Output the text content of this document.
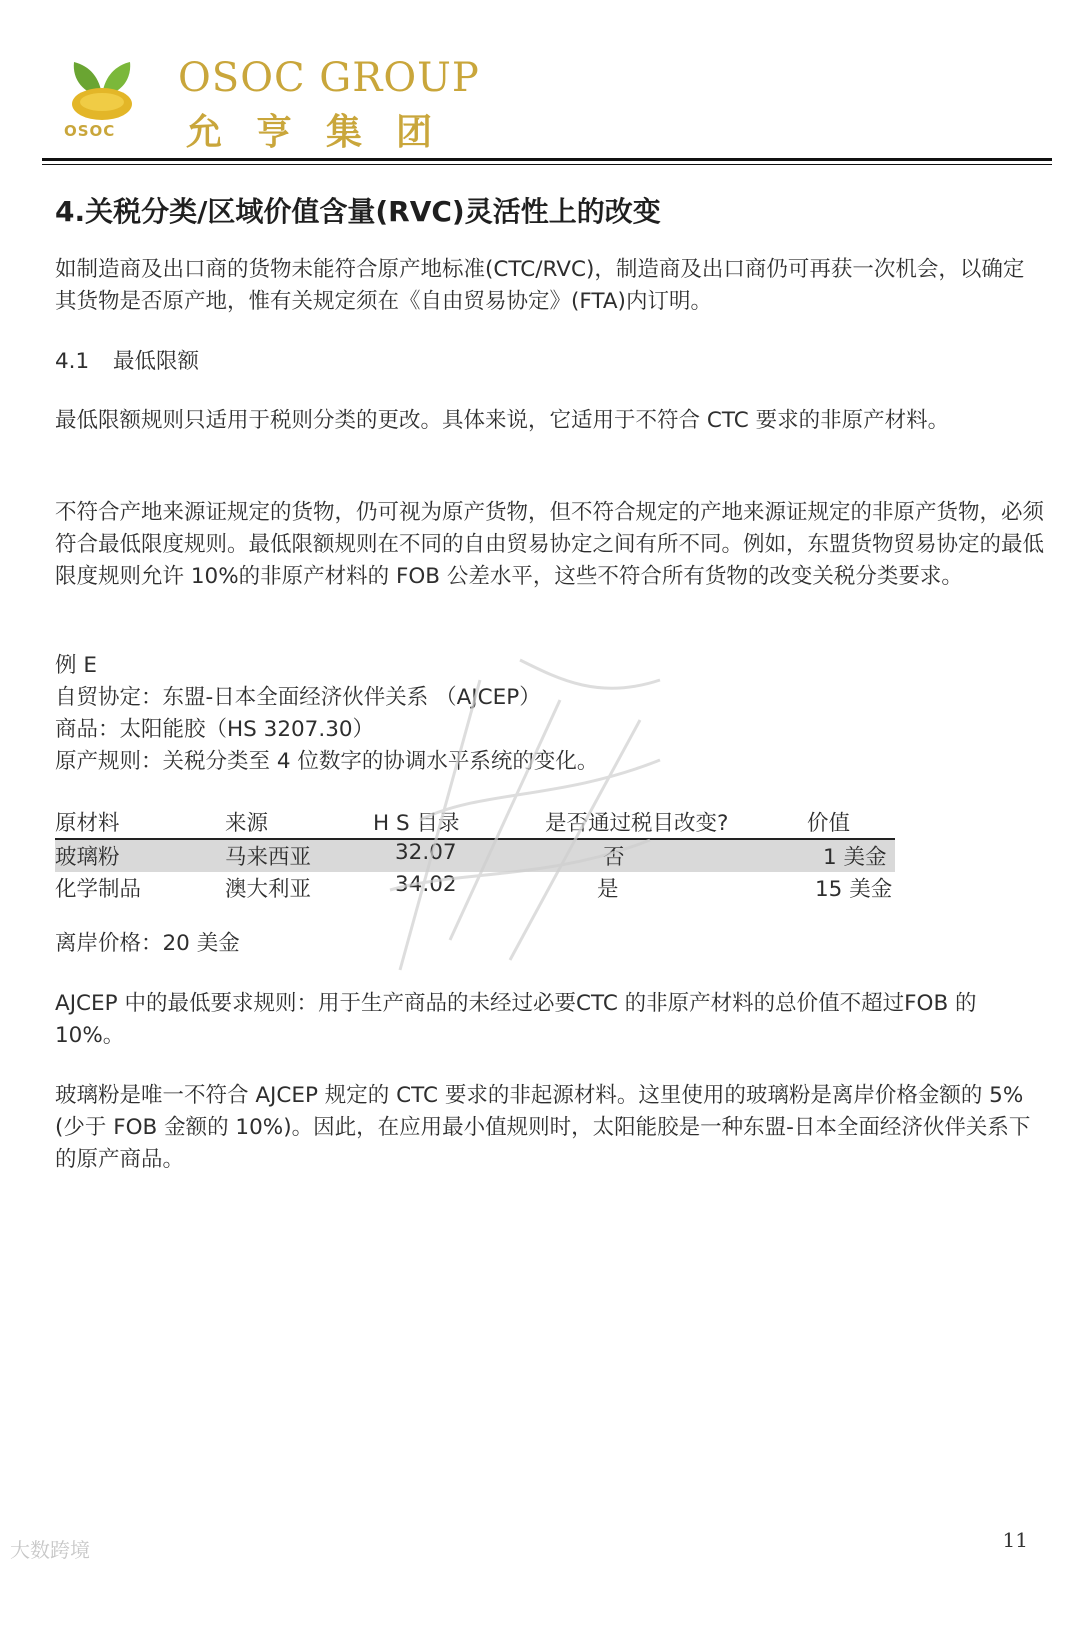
OSOC
OSOC GROUP
允亨集团
4.关税分类/区域价值含量(RVC)灵活性上的改变
如制造商及出口商的货物未能符合原产地标准(CTC/RVC)，制造商及出口商仍可再获一次机会，以确定其货物是否原产地，惟有关规定须在《自由贸易协定》(FTA)内订明。
4.1 最低限额
最低限额规则只适用于税则分类的更改。具体来说，它适用于不符合 CTC 要求的非原产材料。
不符合产地来源证规定的货物，仍可视为原产货物，但不符合规定的产地来源证规定的非原产货物，必须符合最低限度规则。最低限额规则在不同的自由贸易协定之间有所不同。例如，东盟货物贸易协定的最低限度规则允许 10%的非原产材料的 FOB 公差水平，这些不符合所有货物的改变关税分类要求。
例 E
自贸协定：东盟-日本全面经济伙伴关系 （AJCEP）
商品：太阳能胶（HS 3207.30）
原产规则：关税分类至 4 位数字的协调水平系统的变化。
原材料	来源	H S 目录	是否通过税目改变?	价值
玻璃粉	马来西亚	32.07	否	1 美金
化学制品	澳大利亚	34.02	是	15 美金
离岸价格：20 美金
AJCEP 中的最低要求规则：用于生产商品的未经过必要CTC 的非原产材料的总价值不超过FOB 的10%。
玻璃粉是唯一不符合 AJCEP 规定的 CTC 要求的非起源材料。这里使用的玻璃粉是离岸价格金额的 5%(少于 FOB 金额的 10%)。因此，在应用最小值规则时，太阳能胶是一种东盟-日本全面经济伙伴关系下的原产商品。
大数跨境	11
